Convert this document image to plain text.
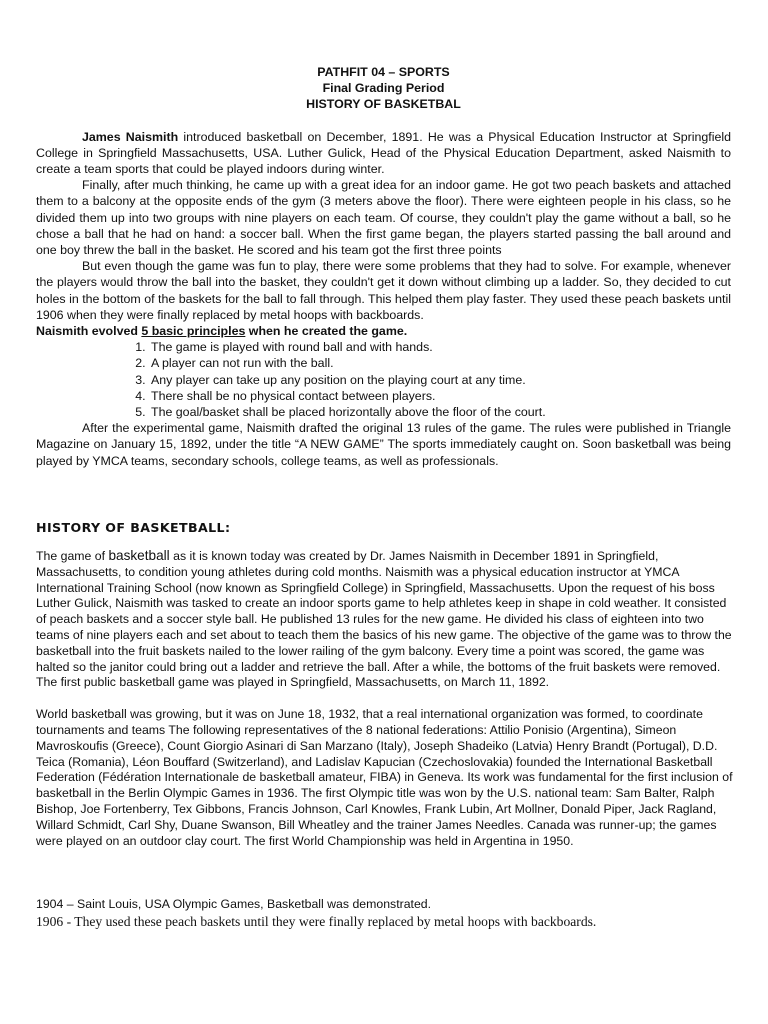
PATHFIT 04 – SPORTS
Final Grading Period
HISTORY OF BASKETBAL

James Naismith introduced basketball on December, 1891. He was a Physical Education Instructor at Springfield College in Springfield Massachusetts, USA. Luther Gulick, Head of the Physical Education Department, asked Naismith to create a team sports that could be played indoors during winter.

Finally, after much thinking, he came up with a great idea for an indoor game. He got two peach baskets and attached them to a balcony at the opposite ends of the gym (3 meters above the floor). There were eighteen people in his class, so he divided them up into two groups with nine players on each team. Of course, they couldn't play the game without a ball, so he chose a ball that he had on hand: a soccer ball. When the first game began, the players started passing the ball around and one boy threw the ball in the basket. He scored and his team got the first three points

But even though the game was fun to play, there were some problems that they had to solve. For example, whenever the players would throw the ball into the basket, they couldn't get it down without climbing up a ladder. So, they decided to cut holes in the bottom of the baskets for the ball to fall through. This helped them play faster. They used these peach baskets until 1906 when they were finally replaced by metal hoops with backboards.

Naismith evolved 5 basic principles when he created the game.

1. The game is played with round ball and with hands.
2. A player can not run with the ball.
3. Any player can take up any position on the playing court at any time.
4. There shall be no physical contact between players.
5. The goal/basket shall be placed horizontally above the floor of the court.

After the experimental game, Naismith drafted the original 13 rules of the game. The rules were published in Triangle Magazine on January 15, 1892, under the title “A NEW GAME” The sports immediately caught on. Soon basketball was being played by YMCA teams, secondary schools, college teams, as well as professionals.

HISTORY OF BASKETBALL:

The game of basketball as it is known today was created by Dr. James Naismith in December 1891 in Springfield, Massachusetts, to condition young athletes during cold months. Naismith was a physical education instructor at YMCA International Training School (now known as Springfield College) in Springfield, Massachusetts. Upon the request of his boss Luther Gulick, Naismith was tasked to create an indoor sports game to help athletes keep in shape in cold weather. It consisted of peach baskets and a soccer style ball. He published 13 rules for the new game. He divided his class of eighteen into two teams of nine players each and set about to teach them the basics of his new game. The objective of the game was to throw the basketball into the fruit baskets nailed to the lower railing of the gym balcony. Every time a point was scored, the game was halted so the janitor could bring out a ladder and retrieve the ball. After a while, the bottoms of the fruit baskets were removed. The first public basketball game was played in Springfield, Massachusetts, on March 11, 1892.

World basketball was growing, but it was on June 18, 1932, that a real international organization was formed, to coordinate tournaments and teams The following representatives of the 8 national federations: Attilio Ponisio (Argentina), Simeon Mavroskoufis (Greece), Count Giorgio Asinari di San Marzano (Italy), Joseph Shadeiko (Latvia) Henry Brandt (Portugal), D.D. Teica (Romania), Léon Bouffard (Switzerland), and Ladislav Kapucian (Czechoslovakia) founded the International Basketball Federation (Fédération Internationale de basketball amateur, FIBA) in Geneva. Its work was fundamental for the first inclusion of basketball in the Berlin Olympic Games in 1936. The first Olympic title was won by the U.S. national team: Sam Balter, Ralph Bishop, Joe Fortenberry, Tex Gibbons, Francis Johnson, Carl Knowles, Frank Lubin, Art Mollner, Donald Piper, Jack Ragland, Willard Schmidt, Carl Shy, Duane Swanson, Bill Wheatley and the trainer James Needles. Canada was runner-up; the games were played on an outdoor clay court. The first World Championship was held in Argentina in 1950.

1904 – Saint Louis, USA Olympic Games, Basketball was demonstrated.
1906 - They used these peach baskets until they were finally replaced by metal hoops with backboards.
